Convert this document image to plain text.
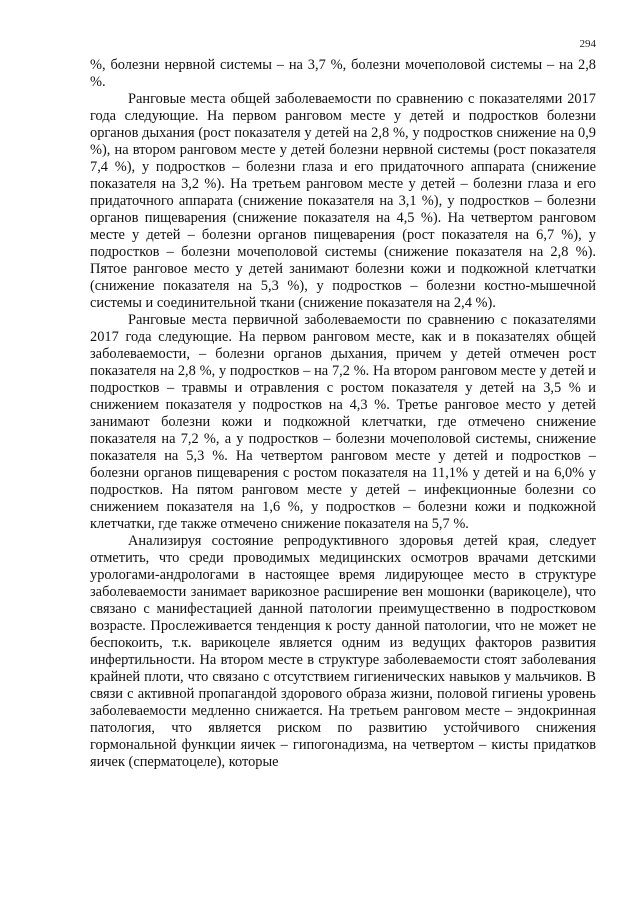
294

%, болезни нервной системы – на 3,7 %, болезни мочеполовой системы – на 2,8 %.

Ранговые места общей заболеваемости по сравнению с показателями 2017 года следующие. На первом ранговом месте у детей и подростков болезни органов дыхания (рост показателя у детей на 2,8 %, у подростков снижение на 0,9 %), на втором ранговом месте у детей болезни нервной системы (рост показателя 7,4 %), у подростков – болезни глаза и его придаточного аппарата (снижение показателя на 3,2 %). На третьем ранговом месте у детей – болезни глаза и его придаточного аппарата (снижение показателя на 3,1 %), у подростков – болезни органов пищеварения (снижение показателя на 4,5 %). На четвертом ранговом месте у детей – болезни органов пищеварения (рост показателя на 6,7 %), у подростков – болезни мочеполовой системы (снижение показателя на 2,8 %). Пятое ранговое место у детей занимают болезни кожи и подкожной клетчатки (снижение показателя на 5,3 %), у подростков – болезни костно-мышечной системы и соединительной ткани (снижение показателя на 2,4 %).

Ранговые места первичной заболеваемости по сравнению с показателями 2017 года следующие. На первом ранговом месте, как и в показателях общей заболеваемости, – болезни органов дыхания, причем у детей отмечен рост показателя на 2,8 %, у подростков – на 7,2 %. На втором ранговом месте у детей и подростков – травмы и отравления с ростом показателя у детей на 3,5 % и снижением показателя у подростков на 4,3 %. Третье ранговое место у детей занимают болезни кожи и подкожной клетчатки, где отмечено снижение показателя на 7,2 %, а у подростков – болезни мочеполовой системы, снижение показателя на 5,3 %. На четвертом ранговом месте у детей и подростков – болезни органов пищеварения с ростом показателя на 11,1% у детей и на 6,0% у подростков. На пятом ранговом месте у детей – инфекционные болезни со снижением показателя на 1,6 %, у подростков – болезни кожи и подкожной клетчатки, где также отмечено снижение показателя на 5,7 %.

Анализируя состояние репродуктивного здоровья детей края, следует отметить, что среди проводимых медицинских осмотров врачами детскими урологами-андрологами в настоящее время лидирующее место в структуре заболеваемости занимает варикозное расширение вен мошонки (варикоцеле), что связано с манифестацией данной патологии преимущественно в подростковом возрасте. Прослеживается тенденция к росту данной патологии, что не может не беспокоить, т.к. варикоцеле является одним из ведущих факторов развития инфертильности. На втором месте в структуре заболеваемости стоят заболевания крайней плоти, что связано с отсутствием гигиенических навыков у мальчиков. В связи с активной пропагандой здорового образа жизни, половой гигиены уровень заболеваемости медленно снижается. На третьем ранговом месте – эндокринная патология, что является риском по развитию устойчивого снижения гормональной функции яичек – гипогонадизма, на четвертом – кисты придатков яичек (сперматоцеле), которые
